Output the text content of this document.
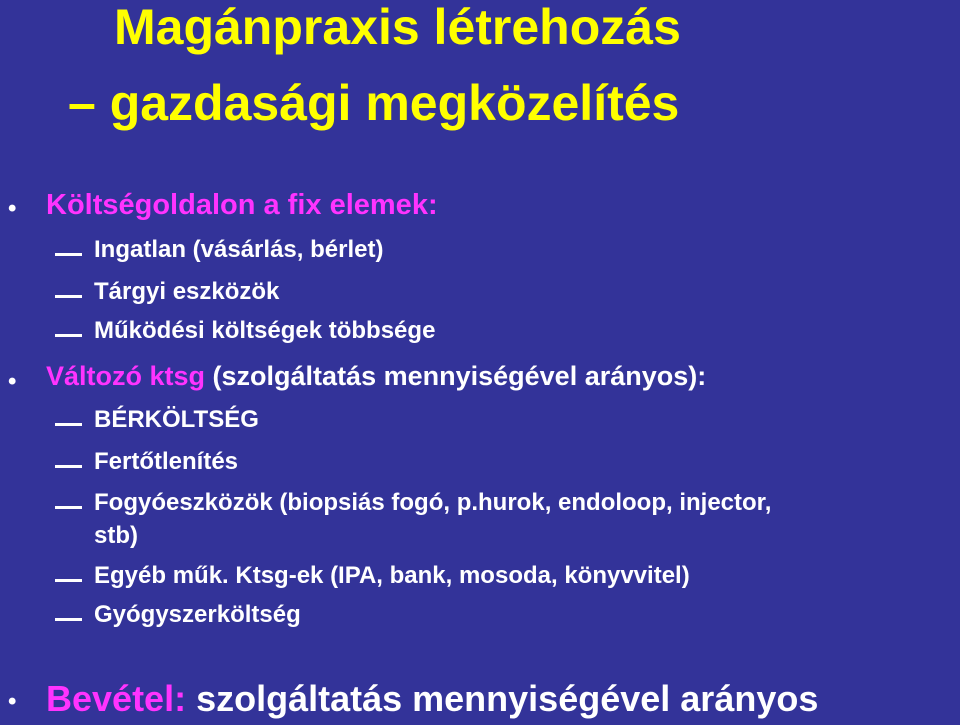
Magánpraxis létrehozás
– gazdasági megközelítés
• Költségoldalon a fix elemek:
Ingatlan (vásárlás, bérlet)
Tárgyi eszközök
Működési költségek többsége
• Változó ktsg (szolgáltatás mennyiségével arányos):
BÉRKÖLTSÉG
Fertőtlenítés
Fogyóeszközök (biopsiás fogó, p.hurok, endoloop, injector,
stb)
Egyéb műk. Ktsg-ek (IPA, bank, mosoda, könyvvitel)
Gyógyszerköltség
• Bevétel: szolgáltatás mennyiségével arányos
